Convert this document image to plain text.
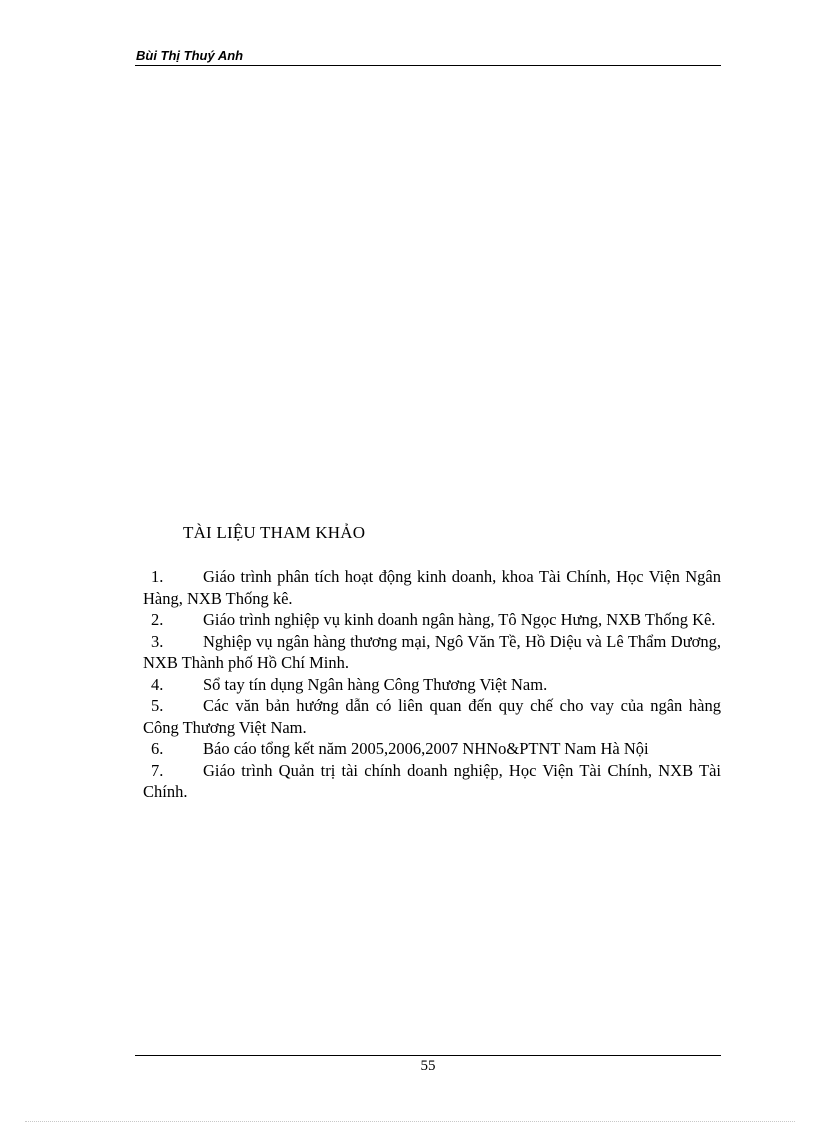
Bùi Thị Thuý Anh
TÀI LIỆU THAM KHẢO
1. Giáo trình phân tích hoạt động kinh doanh, khoa Tài Chính, Học Viện Ngân Hàng, NXB Thống kê.
2. Giáo trình nghiệp vụ kinh doanh ngân hàng, Tô Ngọc Hưng, NXB Thống Kê.
3. Nghiệp vụ ngân hàng thương mại, Ngô Văn Tề, Hồ Diệu và Lê Thẩm Dương, NXB Thành phố Hồ Chí Minh.
4. Sổ tay tín dụng Ngân hàng Công Thương Việt Nam.
5. Các văn bản hướng dẫn có liên quan đến quy chế cho vay của ngân hàng Công Thương Việt Nam.
6. Báo cáo tổng kết năm 2005,2006,2007 NHNo&PTNT Nam Hà Nội
7. Giáo trình Quản trị tài chính doanh nghiệp, Học Viện Tài Chính, NXB Tài Chính.
55
